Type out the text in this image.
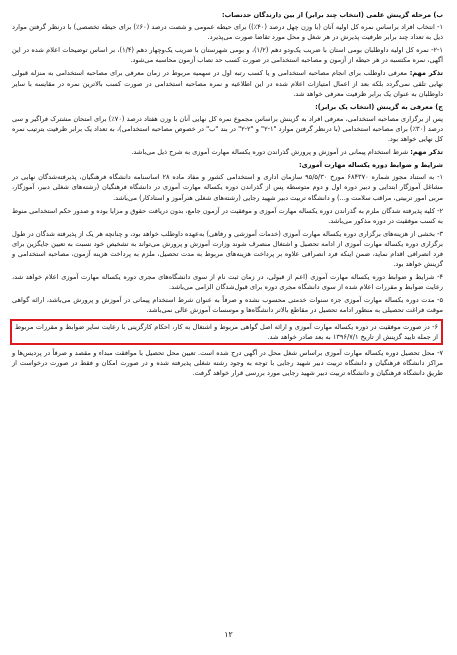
ب) مرحله گزینش علمی (انتخاب چند برابر) از بین دارندگان حدنصاب:

۱- انتخاب افراد براساس نمره کل اولیه آنان (با وزن چهل درصد (۴۰٪)) برای حیطه عمومی و شصت درصد (۶۰٪) برای حیطه تخصصی) با درنظر گرفتن موارد ذیل به تعداد چند برابر ظرفیت پذیرش در هر شغل و محل مورد تقاضا صورت می‌پذیرد.

۲-۱- نمره کل اولیه داوطلبان بومی استان با ضریب یک‌ودو دهم (۱/۲)، و بومی شهرستان با ضریب یک‌وچهار دهم (۱/۴)، بر اساس توضیحات اعلام شده در این آگهی، نمره مکتسبه در هر حیطه از آزمون و مصاحبه استخدامی در صورت کسب حد نصاب آزمون محاسبه می‌شود.

تذکر مهم: معرفی داوطلب برای انجام مصاحبه استخدامی و یا کسب رتبه اول در سهمیه مربوط در زمان معرفی برای مصاحبه استخدامی به منزله قبولی نهایی تلقی نمی‌گردد بلکه بعد از اعمال امتیازات اعلام شده در این اطلاعیه و نمره مصاحبه استخدامی در صورت کسب بالاترین نمره در مقایسه با سایر داوطلبان به عنوان یک برابر ظرفیت معرفی خواهد شد.

ج) معرفی به گزینش (انتخاب یک برابر):

پس از برگزاری مصاحبه استخدامی، معرفی افراد به گزینش براساس مجموع نمره کل نهایی آنان با وزن هفتاد درصد (۷۰٪) برای امتحان مشترک فراگیر و سی درصد (۳۰٪) برای مصاحبه استخدامی (با درنظر گرفتن موارد "۱-۲" و "۲-۲" در بند "ب" در خصوص مصاحبه استخدامی)، به تعداد یک برابر ظرفیت بترتیب نمره کل نهایی خواهد بود.

تذکر مهم: شرط استخدام پیمانی در آموزش و پرورش گذراندن دوره یکساله مهارت آموزی به شرح ذیل می‌باشد.

شرایط و ضوابط دوره یکساله مهارت آموزی:

۱- به استناد مجوز شماره ۶۸۴۳۷۰ مورخ ۹۵/۵/۳۰ سازمان اداری و استخدامی کشور و مفاد ماده ۲۸ اساسنامه دانشگاه فرهنگیان، پذیرفته‌شدگان نهایی در مشاغل آموزگار ابتدایی و دبیر دوره اول و دوم متوسطه پس از گذراندن دوره یکساله مهارت آموزی در دانشگاه فرهنگیان (رشته‌های شغلی دبیر، آموزگار، مربی امور تربیتی، مراقب سلامت و...) و دانشگاه تربیت دبیر شهید رجایی (رشته‌های شغلی هنرآموز و استادکار) می‌باشد.

۲- کلیه پذیرفته شدگان ملزم به گذراندن دوره یکساله مهارت آموزی و موفقیت در آزمون جامع، بدون دریافت حقوق و مزایا بوده و صدور حکم استخدامی منوط به کسب موفقیت در دوره مذکور می‌باشد.

۳- بخشی از هزینه‌های برگزاری دوره یکساله مهارت آموزی (خدمات آموزشی و رفاهی) به‌عهده داوطلب خواهد بود، و چنانچه هر یک از پذیرفته شدگان در طول برگزاری دوره یکساله مهارت آموزی از ادامه تحصیل و اشتغال منصرف شوند وزارت آموزش و پرورش می‌تواند به تشخیص خود نسبت به تعیین جایگزین برای فرد انصرافی اقدام نماید، ضمن اینکه فرد انصرافی علاوه بر پرداخت هزینه‌های مربوط به مدت تحصیل، ملزم به پرداخت هزینه آزمون، مصاحبه استخدامی و گزینش خواهد بود.

۴- شرایط و ضوابط دوره یکساله مهارت آموزی (اعم از قبولی، در زمان ثبت نام از سوی دانشگاه‌های مجری دوره یکساله مهارت آموزی اعلام خواهد شد، رعایت ضوابط و مقررات اعلام شده از سوی دانشگاه مجری دوره برای قبول‌شدگان الزامی می‌باشد.

۵- مدت دوره یکساله مهارت آموزی جزء سنوات خدمتی محسوب نشده و صرفاً به عنوان شرط استخدام پیمانی در آموزش و پرورش می‌باشد، ارائه گواهی موقت فراغت تحصیلی به منظور ادامه تحصیل در مقاطع بالاتر دانشگاه‌ها و موسسات آموزش عالی نمی‌باشد.

۶- در صورت موفقیت در دوره یکساله مهارت آموزی و ارائه اصل گواهی مربوط و اشتغال به کار، احکام کارگزینی با رعایت سایر ضوابط و مقررات مربوط از جمله تایید گزینش از تاریخ ۱۳۹۶/۷/۱ به بعد صادر خواهد شد.

۷- محل تحصیل دوره یکساله مهارت آموزی براساس شغل محل در آگهی درج شده است. تعیین محل تحصیل با موافقت مبداء و مقصد و صرفاً در پردیس‌ها و مراکز دانشگاه فرهنگیان و دانشگاه تربیت دبیر شهید رجایی با توجه به وجود رشته شغلی پذیرفته شده و در صورت امکان و فقط در صورت درخواست از طریق دانشگاه فرهنگیان و دانشگاه تربیت دبیر شهید رجایی مورد بررسی قرار خواهد گرفت.

۱۲
